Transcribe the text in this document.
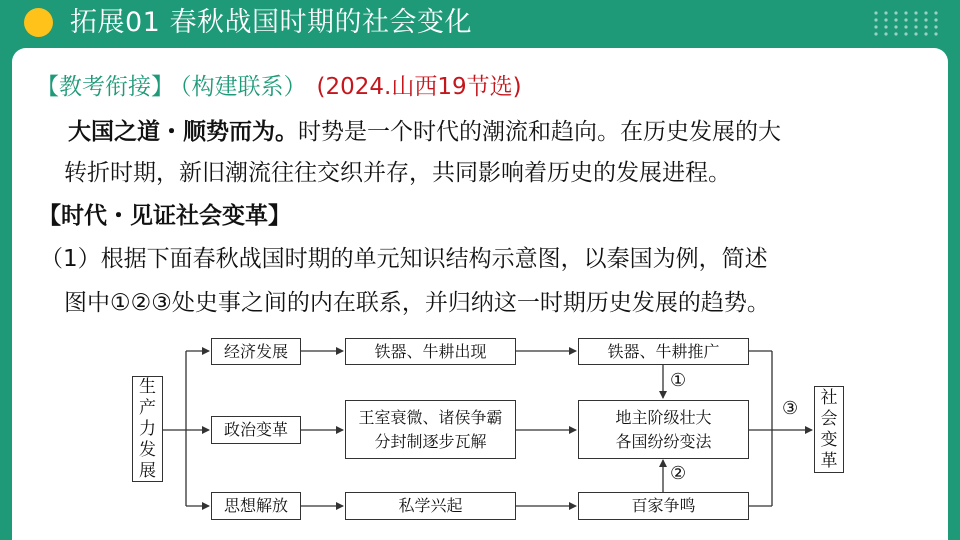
拓展01 春秋战国时期的社会变化
【教考衔接】 （构建联系） (2024.山西19节选)
大国之道・顺势而为。时势是一个时代的潮流和趋向。在历史发展的大
转折时期，新旧潮流往往交织并存，共同影响着历史的发展进程。
【时代・见证社会变革】
（1）根据下面春秋战国时期的单元知识结构示意图，以秦国为例，简述
图中①②③处史事之间的内在联系，并归纳这一时期历史发展的趋势。
生
产
力
发
展
经济发展
政治变革
思想解放
铁器、牛耕出现
王室衰微、诸侯争霸
分封制逐步瓦解
私学兴起
铁器、牛耕推广
地主阶级壮大
各国纷纷变法
百家争鸣
社
会
变
革
①
②
③
